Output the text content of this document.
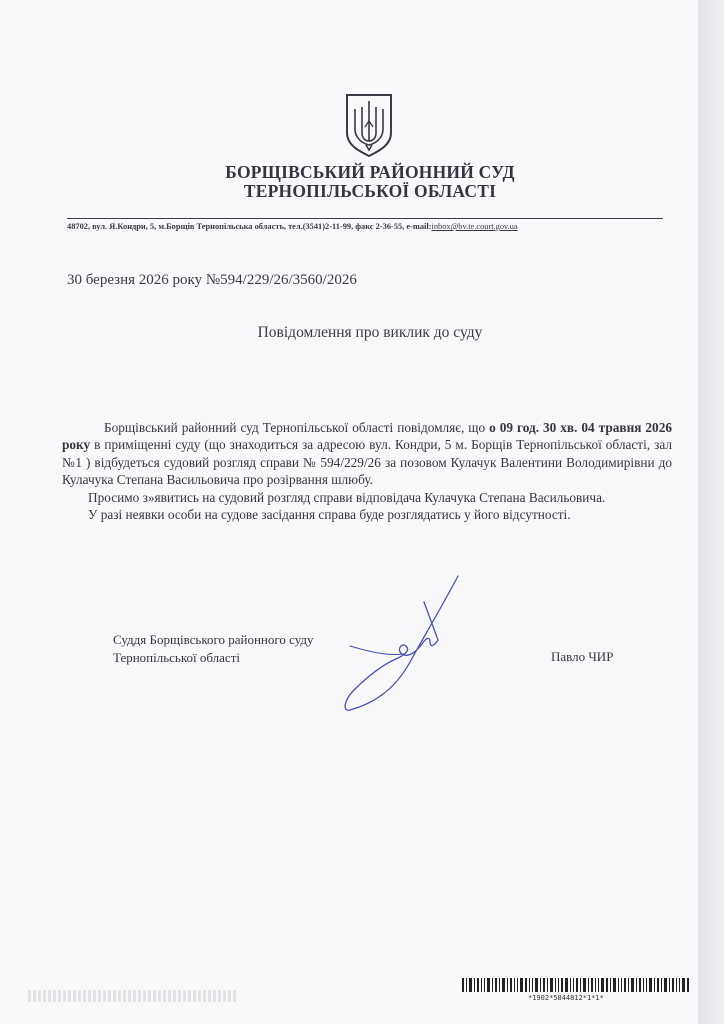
БОРЩІВСЬКИЙ РАЙОННИЙ СУД
ТЕРНОПІЛЬСЬКОЇ ОБЛАСТІ
48702, вул. Я.Кондри, 5, м.Борщів Тернопільська область, тел.(3541)2-11-99, факс 2-36-55, e-mail:inbox@bv.te.court.gov.ua
30 березня 2026 року №594/229/26/3560/2026
Повідомлення про виклик до суду

Борщівський районний суд Тернопільської області повідомляє, що о 09 год. 30 хв. 04 травня 2026 року в приміщенні суду (що знаходиться за адресою вул. Кондри, 5 м. Борщів Тернопільської області, зал №1 ) відбудеться судовий розгляд справи № 594/229/26 за позовом Кулачук Валентини Володимирівни до Кулачука Степана Васильовича про розірвання шлюбу.

Просимо з»явитись на судовий розгляд справи відповідача Кулачука Степана Васильовича.

У разі неявки особи на судове засідання справа буде розглядатись у його відсутності.

Суддя Борщівського районного суду
Тернопільської області	Павло ЧИР
*1902*5844812*1*1*
